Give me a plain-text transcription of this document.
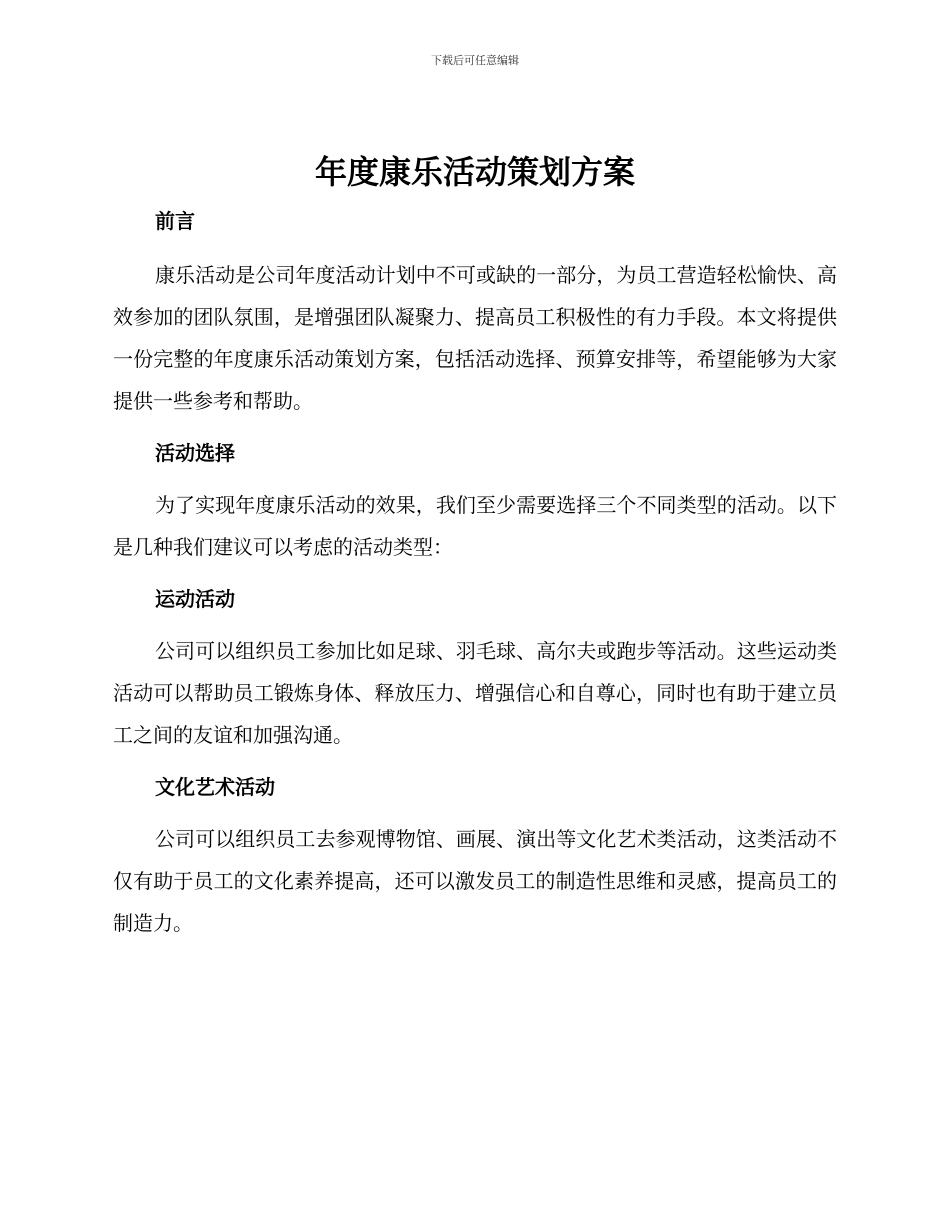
下载后可任意编辑
年度康乐活动策划方案
前言
康乐活动是公司年度活动计划中不可或缺的一部分，为员工营造轻松愉快、高效参加的团队氛围，是增强团队凝聚力、提高员工积极性的有力手段。本文将提供一份完整的年度康乐活动策划方案，包括活动选择、预算安排等，希望能够为大家提供一些参考和帮助。
活动选择
为了实现年度康乐活动的效果，我们至少需要选择三个不同类型的活动。以下是几种我们建议可以考虑的活动类型：
运动活动
公司可以组织员工参加比如足球、羽毛球、高尔夫或跑步等活动。这些运动类活动可以帮助员工锻炼身体、释放压力、增强信心和自尊心，同时也有助于建立员工之间的友谊和加强沟通。
文化艺术活动
公司可以组织员工去参观博物馆、画展、演出等文化艺术类活动，这类活动不仅有助于员工的文化素养提高，还可以激发员工的制造性思维和灵感，提高员工的制造力。
